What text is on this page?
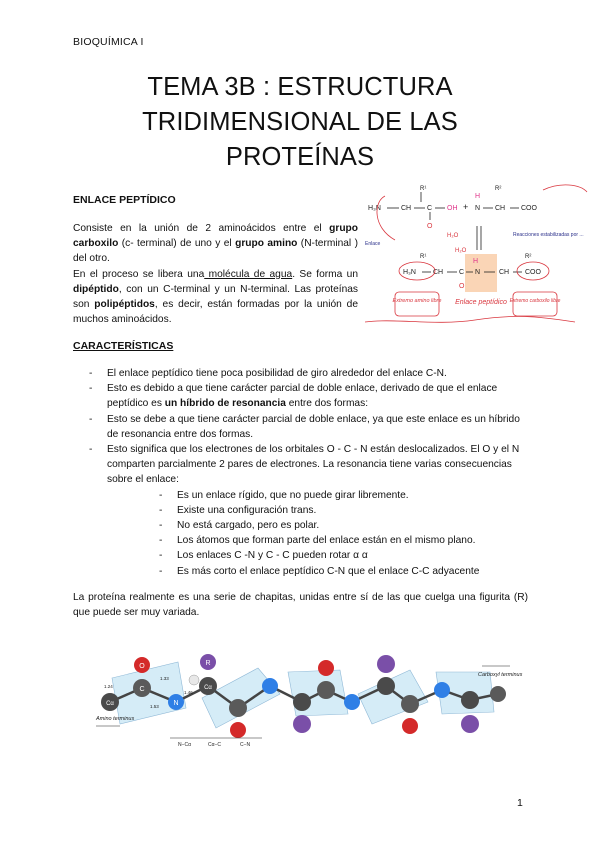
BIOQUÍMICA I
TEMA 3B : ESTRUCTURA
TRIDIMENSIONAL DE LAS
PROTEÍNAS
ENLACE PEPTÍDICO

Consiste en la unión de 2 aminoácidos entre el grupo carboxilo (c- terminal) de uno y el grupo amino (N-terminal ) del otro.

En el proceso se libera una molécula de agua. Se forma un dipéptido, con un C-terminal y un N-terminal. Las proteínas son polipéptidos, es decir, están formadas por la unión de muchos aminoácidos.

R¹	R²
H₃N	CH C
O
OH +
H
N CH COO
H₂O
H₂O
Reacciones estabilizadas por ...
Enlace
R¹	R²
H
H₃N CH C
O
N	CH COO
Extremo amino libre Enlace peptídico Extremo carboxilo libre
CARACTERÍSTICAS
- El enlace peptídico tiene poca posibilidad de giro alrededor del enlace C-N.
- Esto es debido a que tiene carácter parcial de doble enlace, derivado de que el enlace peptídico es un híbrido de resonancia entre dos formas:
- Esto se debe a que tiene carácter parcial de doble enlace, ya que este enlace es un híbrido de resonancia entre dos formas.
- Esto significa que los electrones de los orbitales O - C - N están deslocalizados. El O y el N comparten parcialmente 2 pares de electrones. La resonancia tiene varias consecuencias sobre el enlace:
- Es un enlace rígido, que no puede girar libremente.
- Existe una configuración trans.
- No está cargado, pero es polar.
- Los átomos que forman parte del enlace están en el mismo plano.
- Los enlaces C -N y C - C pueden rotar α α
- Es más corto el enlace peptídico C-N que el enlace C-C adyacente

La proteína realmente es una serie de chapitas, unidas entre sí de las que cuelga una figurita (R) que puede ser muy variada.

Cα
C
O
N
Cα
R
1.24
1.53
1.46
1.33
Amino terminus
Carboxyl terminus
N−Cα	Cα−C	C−N
1
